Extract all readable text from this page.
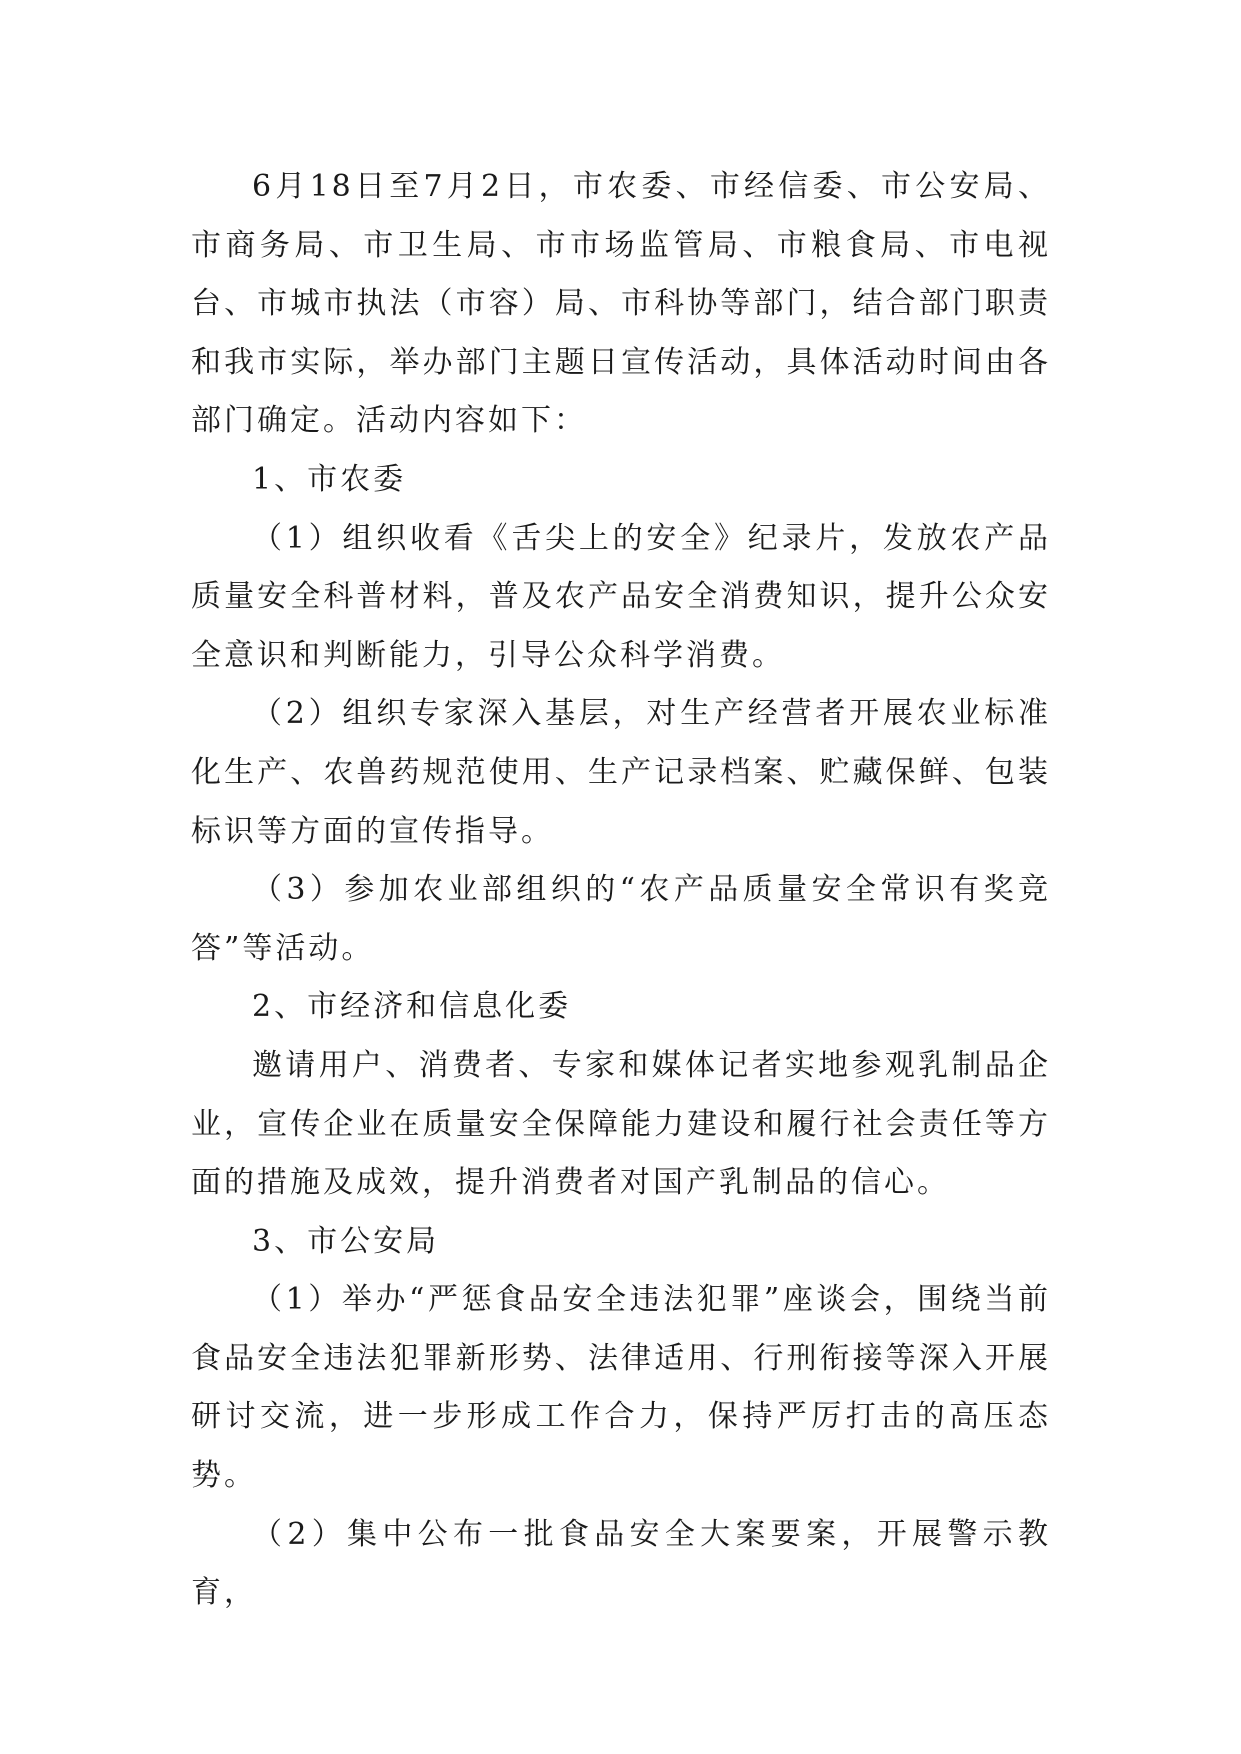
6月18日至7月2日，市农委、市经信委、市公安局、市商务局、市卫生局、市市场监管局、市粮食局、市电视台、市城市执法（市容）局、市科协等部门，结合部门职责和我市实际，举办部门主题日宣传活动，具体活动时间由各部门确定。活动内容如下：

1、市农委

（1）组织收看《舌尖上的安全》纪录片，发放农产品质量安全科普材料，普及农产品安全消费知识，提升公众安全意识和判断能力，引导公众科学消费。

（2）组织专家深入基层，对生产经营者开展农业标准化生产、农兽药规范使用、生产记录档案、贮藏保鲜、包装标识等方面的宣传指导。

（3）参加农业部组织的“农产品质量安全常识有奖竞答”等活动。

2、市经济和信息化委

邀请用户、消费者、专家和媒体记者实地参观乳制品企业，宣传企业在质量安全保障能力建设和履行社会责任等方面的措施及成效，提升消费者对国产乳制品的信心。

3、市公安局

（1）举办“严惩食品安全违法犯罪”座谈会，围绕当前食品安全违法犯罪新形势、法律适用、行刑衔接等深入开展研讨交流，进一步形成工作合力，保持严厉打击的高压态势。

（2）集中公布一批食品安全大案要案，开展警示教育，
